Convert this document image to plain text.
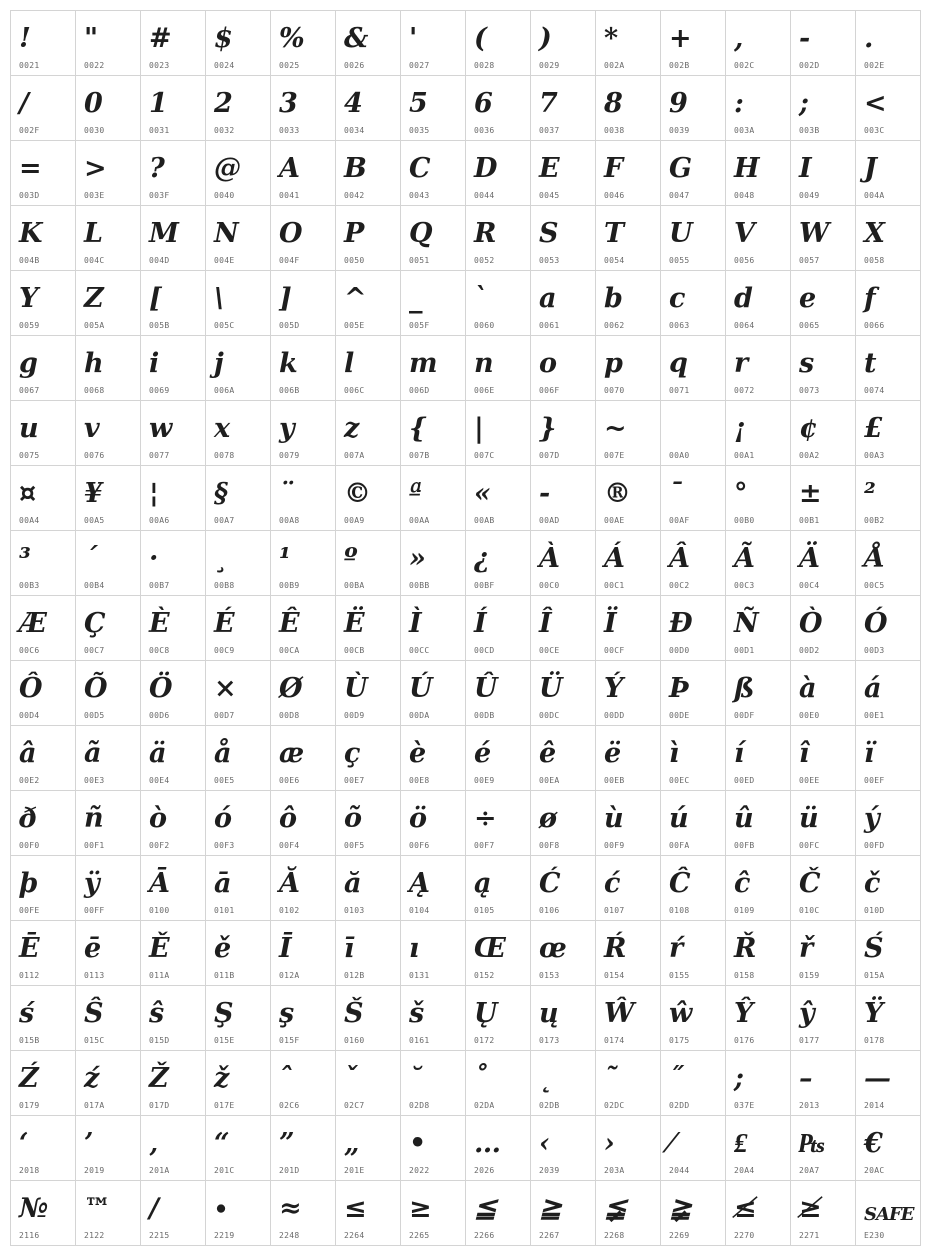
!
0021
"
0022
#
0023
$
0024
%
0025
&
0026
'
0027
(
0028
)
0029
*
002A
+
002B
,
002C
-
002D
.
002E
/
002F
0
0030
1
0031
2
0032
3
0033
4
0034
5
0035
6
0036
7
0037
8
0038
9
0039
:
003A
;
003B
<
003C
=
003D
>
003E
?
003F
@
0040
A
0041
B
0042
C
0043
D
0044
E
0045
F
0046
G
0047
H
0048
I
0049
J
004A
K
004B
L
004C
M
004D
N
004E
O
004F
P
0050
Q
0051
R
0052
S
0053
T
0054
U
0055
V
0056
W
0057
X
0058
Y
0059
Z
005A
[
005B
\
005C
]
005D
^
005E
_
005F
`
0060
a
0061
b
0062
c
0063
d
0064
e
0065
f
0066
g
0067
h
0068
i
0069
j
006A
k
006B
l
006C
m
006D
n
006E
o
006F
p
0070
q
0071
r
0072
s
0073
t
0074
u
0075
v
0076
w
0077
x
0078
y
0079
z
007A
{
007B
|
007C
}
007D
~
007E	00A0
¡
00A1
¢
00A2
£
00A3
¤
00A4
¥
00A5
¦
00A6
§
00A7
¨
00A8
©
00A9
ª
00AA
«
00AB
-
00AD
®
00AE
¯
00AF
°
00B0
±
00B1
²
00B2
³
00B3
´
00B4
·
00B7
¸
00B8
¹
00B9
º
00BA
»
00BB
¿
00BF
À
00C0
Á
00C1
Â
00C2
Ã
00C3
Ä
00C4
Å
00C5
Æ
00C6
Ç
00C7
È
00C8
É
00C9
Ê
00CA
Ë
00CB
Ì
00CC
Í
00CD
Î
00CE
Ï
00CF
Ð
00D0
Ñ
00D1
Ò
00D2
Ó
00D3
Ô
00D4
Õ
00D5
Ö
00D6
×
00D7
Ø
00D8
Ù
00D9
Ú
00DA
Û
00DB
Ü
00DC
Ý
00DD
Þ
00DE
ß
00DF
à
00E0
á
00E1
â
00E2
ã
00E3
ä
00E4
å
00E5
æ
00E6
ç
00E7
è
00E8
é
00E9
ê
00EA
ë
00EB
ì
00EC
í
00ED
î
00EE
ï
00EF
ð
00F0
ñ
00F1
ò
00F2
ó
00F3
ô
00F4
õ
00F5
ö
00F6
÷
00F7
ø
00F8
ù
00F9
ú
00FA
û
00FB
ü
00FC
ý
00FD
þ
00FE
ÿ
00FF
Ā
0100
ā
0101
Ă
0102
ă
0103
Ą
0104
ą
0105
Ć
0106
ć
0107
Ĉ
0108
ĉ
0109
Č
010C
č
010D
Ē
0112
ē
0113
Ě
011A
ě
011B
Ī
012A
ī
012B
ı
0131
Œ
0152
œ
0153
Ŕ
0154
ŕ
0155
Ř
0158
ř
0159
Ś
015A
ś
015B
Ŝ
015C
ŝ
015D
Ş
015E
ş
015F
Š
0160
š
0161
Ų
0172
ų
0173
Ŵ
0174
ŵ
0175
Ŷ
0176
ŷ
0177
Ÿ
0178
Ź
0179
ź
017A
Ž
017D
ž
017E
ˆ
02C6
ˇ
02C7
˘
02D8
˚
02DA
˛
02DB
˜
02DC
˝
02DD
;
037E
–
2013
—
2014
‘
2018
’
2019
‚
201A
“
201C
”
201D
„
201E
•
2022
…
2026
‹
2039
›
203A
⁄
2044
₤
20A4
₧
20A7
€
20AC
№
2116
™
2122
∕
2215
∙
2219
≈
2248
≤
2264
≥
2265
≦
2266
≧
2267
≨
2268
≩
2269
≰
2270
≱
2271
SAFE
E230
